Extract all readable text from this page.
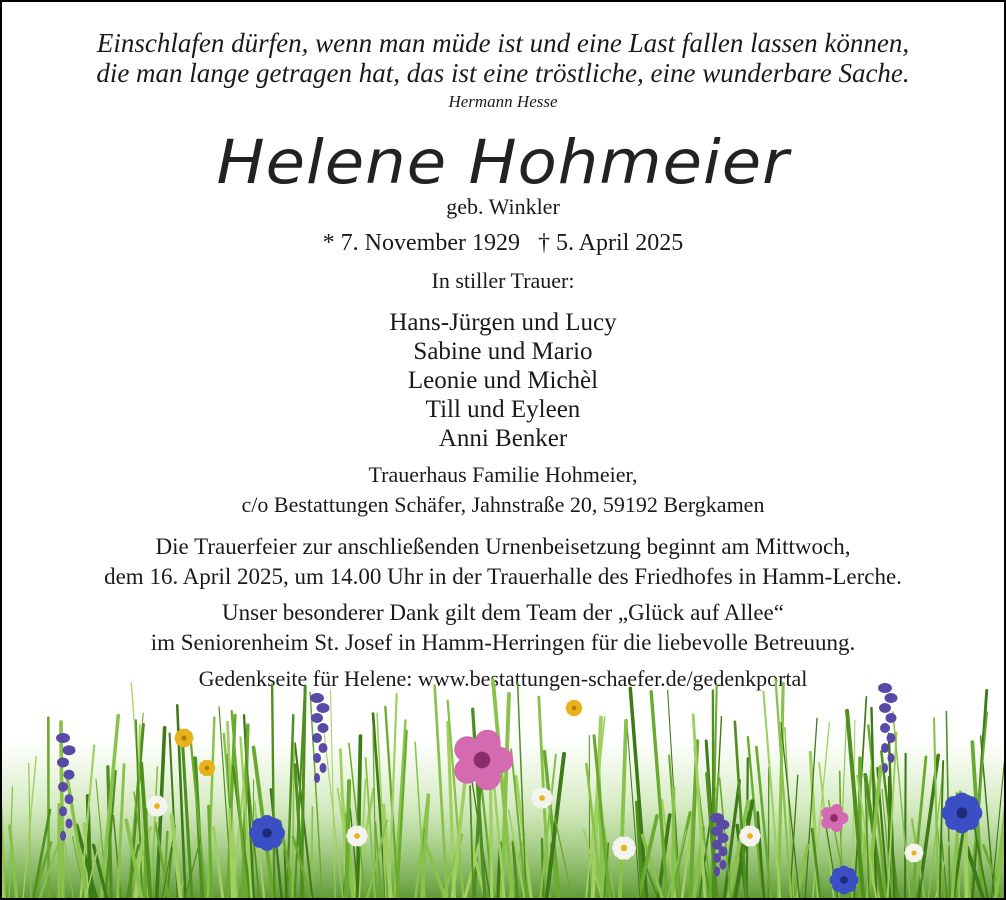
Einschlafen dürfen, wenn man müde ist und eine Last fallen lassen können,
die man lange getragen hat, das ist eine tröstliche, eine wunderbare Sache.
Hermann Hesse
Helene Hohmeier
geb. Winkler
* 7. November 1929 † 5. April 2025
In stiller Trauer:
Hans-Jürgen und Lucy
Sabine und Mario
Leonie und Michèl
Till und Eyleen
Anni Benker
Trauerhaus Familie Hohmeier,
c/o Bestattungen Schäfer, Jahnstraße 20, 59192 Bergkamen
Die Trauerfeier zur anschließenden Urnenbeisetzung beginnt am Mittwoch,
dem 16. April 2025, um 14.00 Uhr in der Trauerhalle des Friedhofes in Hamm-Lerche.
Unser besonderer Dank gilt dem Team der „Glück auf Allee“
im Seniorenheim St. Josef in Hamm-Herringen für die liebevolle Betreuung.
Gedenkseite für Helene: www.bestattungen-schaefer.de/gedenkportal
